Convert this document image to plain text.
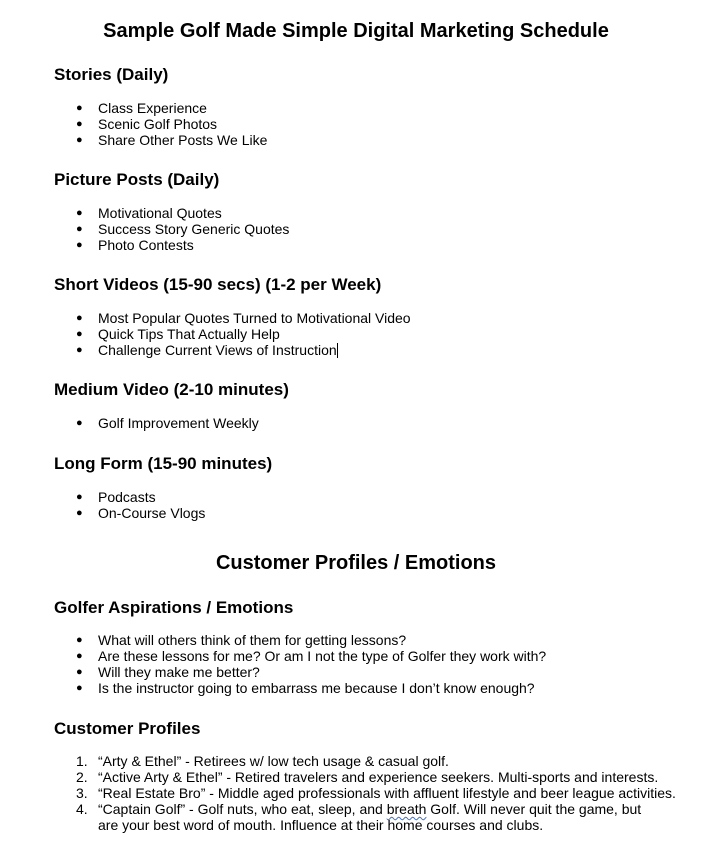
Sample Golf Made Simple Digital Marketing Schedule
Stories (Daily)
● Class Experience
● Scenic Golf Photos
● Share Other Posts We Like
Picture Posts (Daily)
● Motivational Quotes
● Success Story Generic Quotes
● Photo Contests
Short Videos (15-90 secs) (1-2 per Week)
● Most Popular Quotes Turned to Motivational Video
● Quick Tips That Actually Help
● Challenge Current Views of Instruction
Medium Video (2-10 minutes)
● Golf Improvement Weekly
Long Form (15-90 minutes)
● Podcasts
● On-Course Vlogs
Customer Profiles / Emotions
Golfer Aspirations / Emotions
● What will others think of them for getting lessons?
● Are these lessons for me? Or am I not the type of Golfer they work with?
● Will they make me better?
● Is the instructor going to embarrass me because I don’t know enough?
Customer Profiles
1. “Arty & Ethel” - Retirees w/ low tech usage & casual golf.
2. “Active Arty & Ethel” - Retired travelers and experience seekers. Multi-sports and interests.
3. “Real Estate Bro” - Middle aged professionals with affluent lifestyle and beer league activities.
4. “Captain Golf” - Golf nuts, who eat, sleep, and breath Golf. Will never quit the game, but are your best word of mouth. Influence at their home courses and clubs.
